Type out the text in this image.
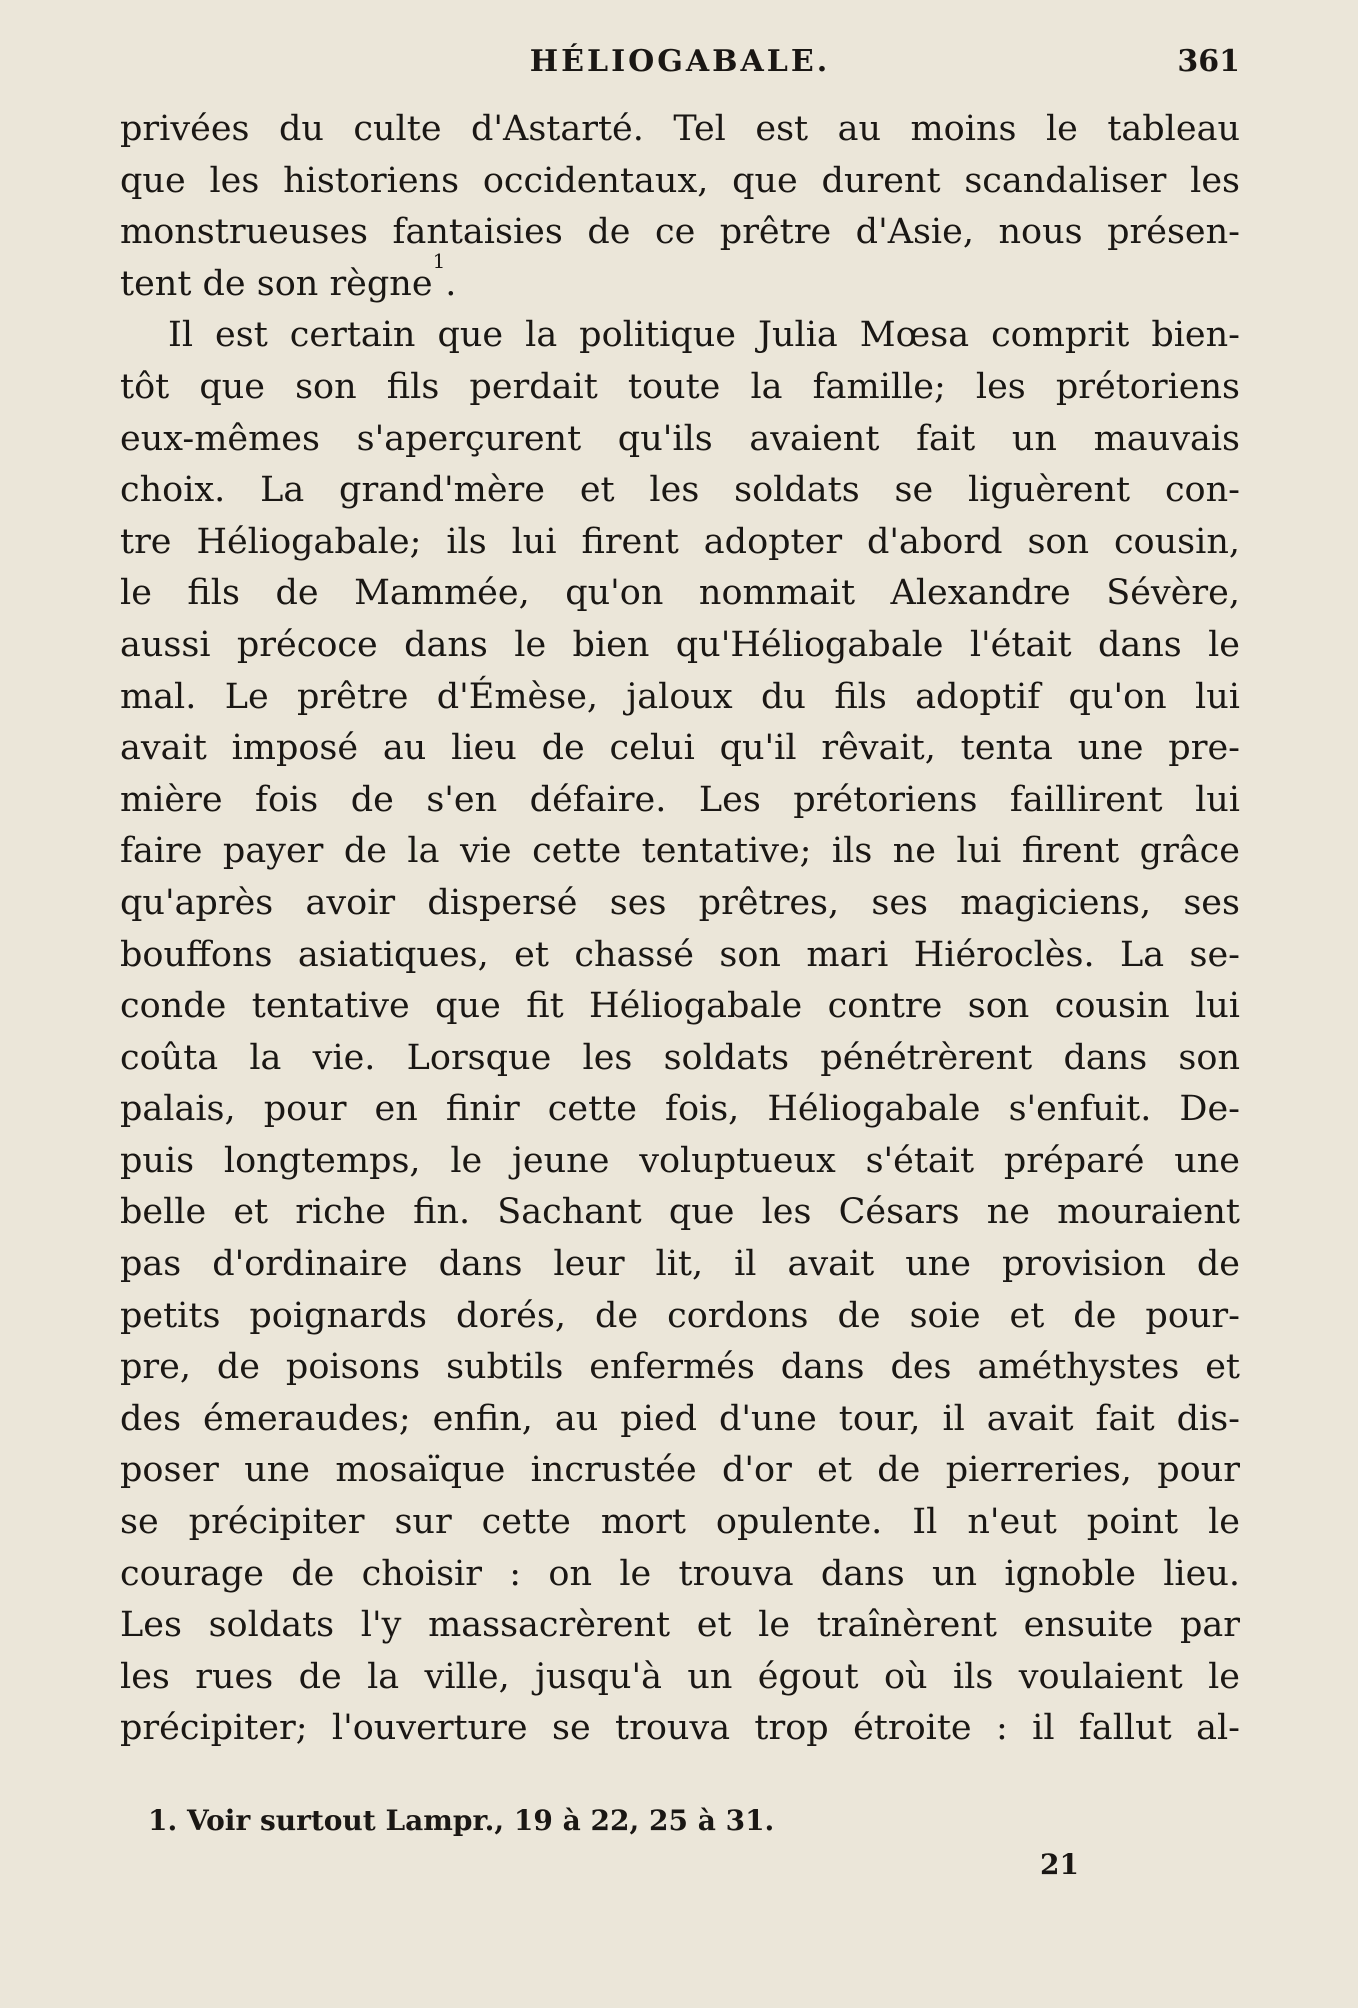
HÉLIOGABALE.	361
privées du culte d'Astarté. Tel est au moins le tableau
que les historiens occidentaux, que durent scandaliser les
monstrueuses fantaisies de ce prêtre d'Asie, nous présen-
tent de son règne$^1$.
Il est certain que la politique Julia Mœsa comprit bien-
tôt que son fils perdait toute la famille; les prétoriens
eux-mêmes s'aperçurent qu'ils avaient fait un mauvais
choix. La grand'mère et les soldats se liguèrent con-
tre Héliogabale; ils lui firent adopter d'abord son cousin,
le fils de Mammée, qu'on nommait Alexandre Sévère,
aussi précoce dans le bien qu'Héliogabale l'était dans le
mal. Le prêtre d'Émèse, jaloux du fils adoptif qu'on lui
avait imposé au lieu de celui qu'il rêvait, tenta une pre-
mière fois de s'en défaire. Les prétoriens faillirent lui
faire payer de la vie cette tentative; ils ne lui firent grâce
qu'après avoir dispersé ses prêtres, ses magiciens, ses
bouffons asiatiques, et chassé son mari Hiéroclès. La se-
conde tentative que fit Héliogabale contre son cousin lui
coûta la vie. Lorsque les soldats pénétrèrent dans son
palais, pour en finir cette fois, Héliogabale s'enfuit. De-
puis longtemps, le jeune voluptueux s'était préparé une
belle et riche fin. Sachant que les Césars ne mouraient
pas d'ordinaire dans leur lit, il avait une provision de
petits poignards dorés, de cordons de soie et de pour-
pre, de poisons subtils enfermés dans des améthystes et
des émeraudes; enfin, au pied d'une tour, il avait fait dis-
poser une mosaïque incrustée d'or et de pierreries, pour
se précipiter sur cette mort opulente. Il n'eut point le
courage de choisir : on le trouva dans un ignoble lieu.
Les soldats l'y massacrèrent et le traînèrent ensuite par
les rues de la ville, jusqu'à un égout où ils voulaient le
précipiter; l'ouverture se trouva trop étroite : il fallut al-
1. Voir surtout Lampr., 19 à 22, 25 à 31.
21
